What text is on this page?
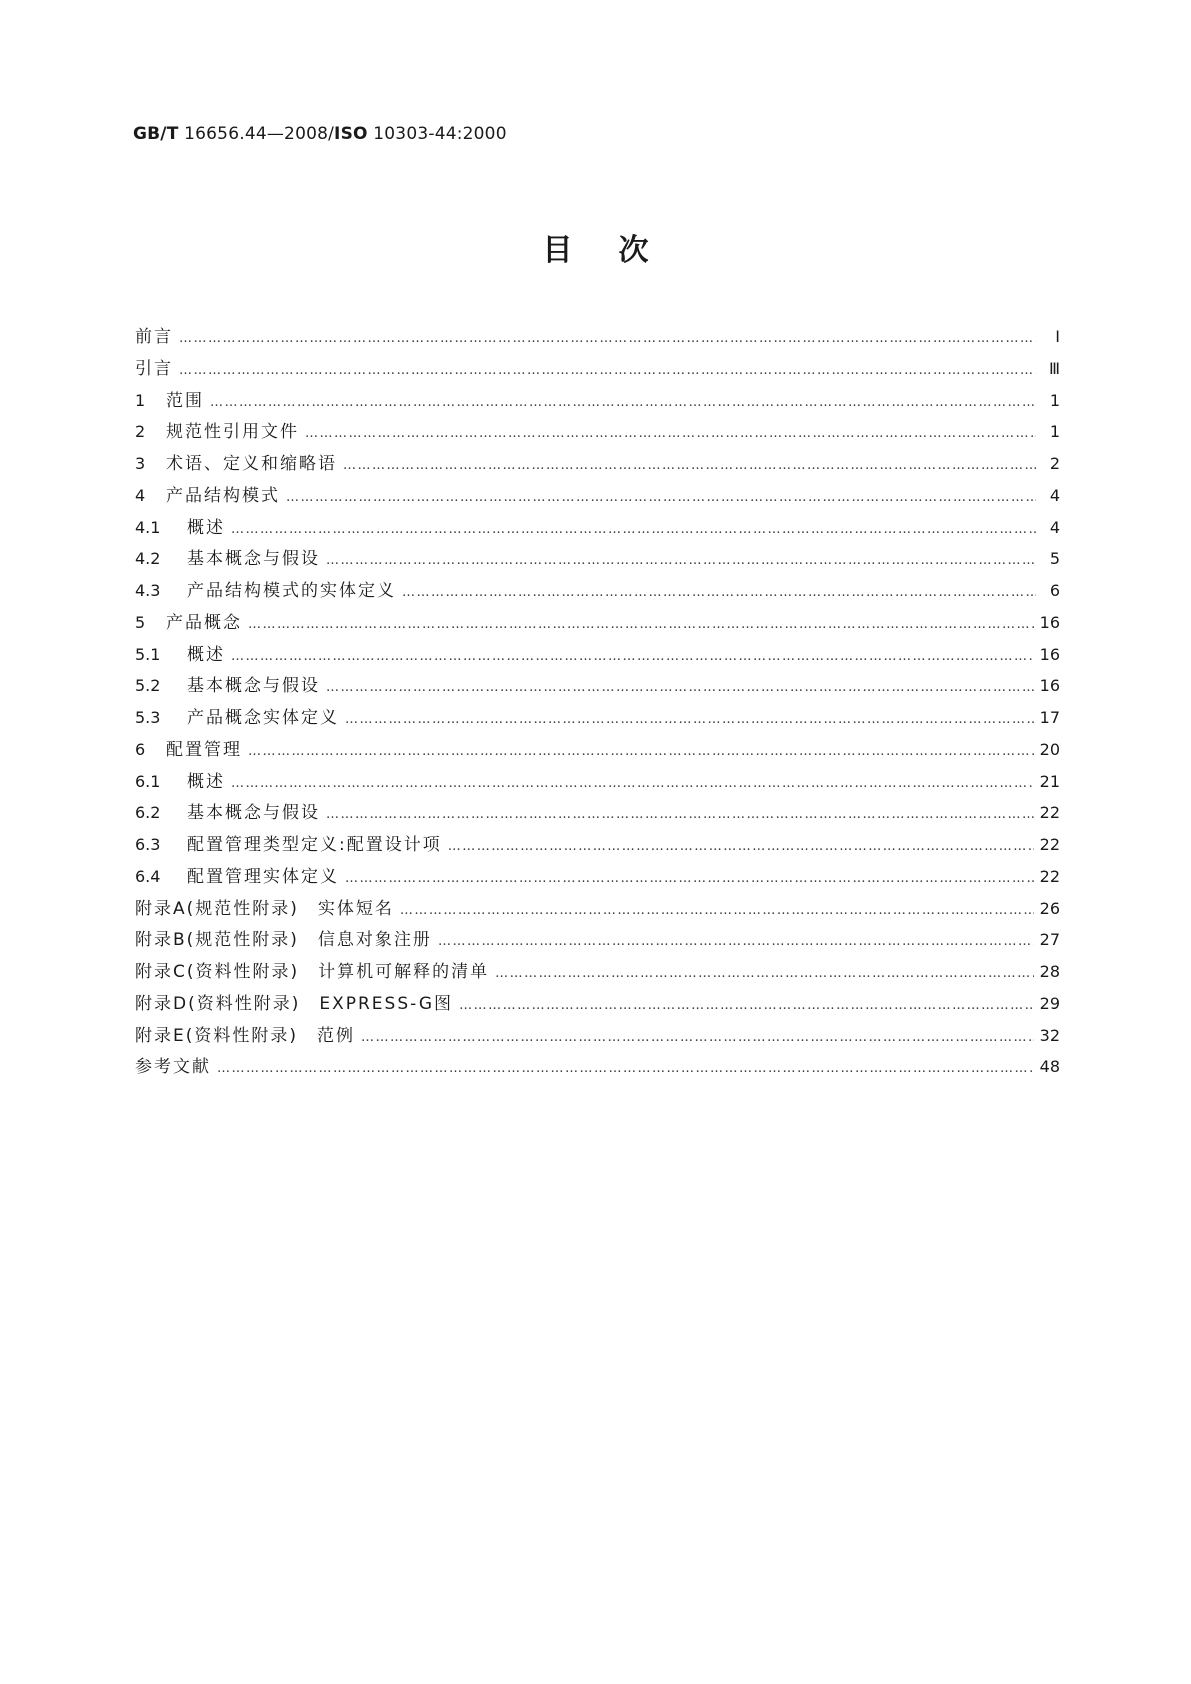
GB/T 16656.44—2008/ISO 10303-44:2000
目次
前言 ……………………………………………………………………………………………………………………………………………………………………………………………………………………………	Ⅰ
引言 ……………………………………………………………………………………………………………………………………………………………………………………………………………………………	Ⅲ
1	范围 ……………………………………………………………………………………………………………………………………………………………………………………………………………………………	1
2	规范性引用文件 ……………………………………………………………………………………………………………………………………………………………………………………………………………………………	1
3	术语、定义和缩略语 ……………………………………………………………………………………………………………………………………………………………………………………………………………………………	2
4	产品结构模式 ……………………………………………………………………………………………………………………………………………………………………………………………………………………………	4
4.1	概述 ……………………………………………………………………………………………………………………………………………………………………………………………………………………………	4
4.2	基本概念与假设 ……………………………………………………………………………………………………………………………………………………………………………………………………………………………	5
4.3	产品结构模式的实体定义 ……………………………………………………………………………………………………………………………………………………………………………………………………………………………	6
5	产品概念 ……………………………………………………………………………………………………………………………………………………………………………………………………………………………	16
5.1	概述 ……………………………………………………………………………………………………………………………………………………………………………………………………………………………	16
5.2	基本概念与假设 ……………………………………………………………………………………………………………………………………………………………………………………………………………………………	16
5.3	产品概念实体定义 ……………………………………………………………………………………………………………………………………………………………………………………………………………………………	17
6	配置管理 ……………………………………………………………………………………………………………………………………………………………………………………………………………………………	20
6.1	概述 ……………………………………………………………………………………………………………………………………………………………………………………………………………………………	21
6.2	基本概念与假设 ……………………………………………………………………………………………………………………………………………………………………………………………………………………………	22
6.3	配置管理类型定义:配置设计项 ……………………………………………………………………………………………………………………………………………………………………………………………………………………………	22
6.4	配置管理实体定义 ……………………………………………………………………………………………………………………………………………………………………………………………………………………………	22
附录A(规范性附录)　实体短名 ……………………………………………………………………………………………………………………………………………………………………………………………………………………………	26
附录B(规范性附录)　信息对象注册 ……………………………………………………………………………………………………………………………………………………………………………………………………………………………	27
附录C(资料性附录)　计算机可解释的清单 ……………………………………………………………………………………………………………………………………………………………………………………………………………………………	28
附录D(资料性附录)　EXPRESS-G图 ……………………………………………………………………………………………………………………………………………………………………………………………………………………………	29
附录E(资料性附录)　范例 ……………………………………………………………………………………………………………………………………………………………………………………………………………………………	32
参考文献 ……………………………………………………………………………………………………………………………………………………………………………………………………………………………	48
